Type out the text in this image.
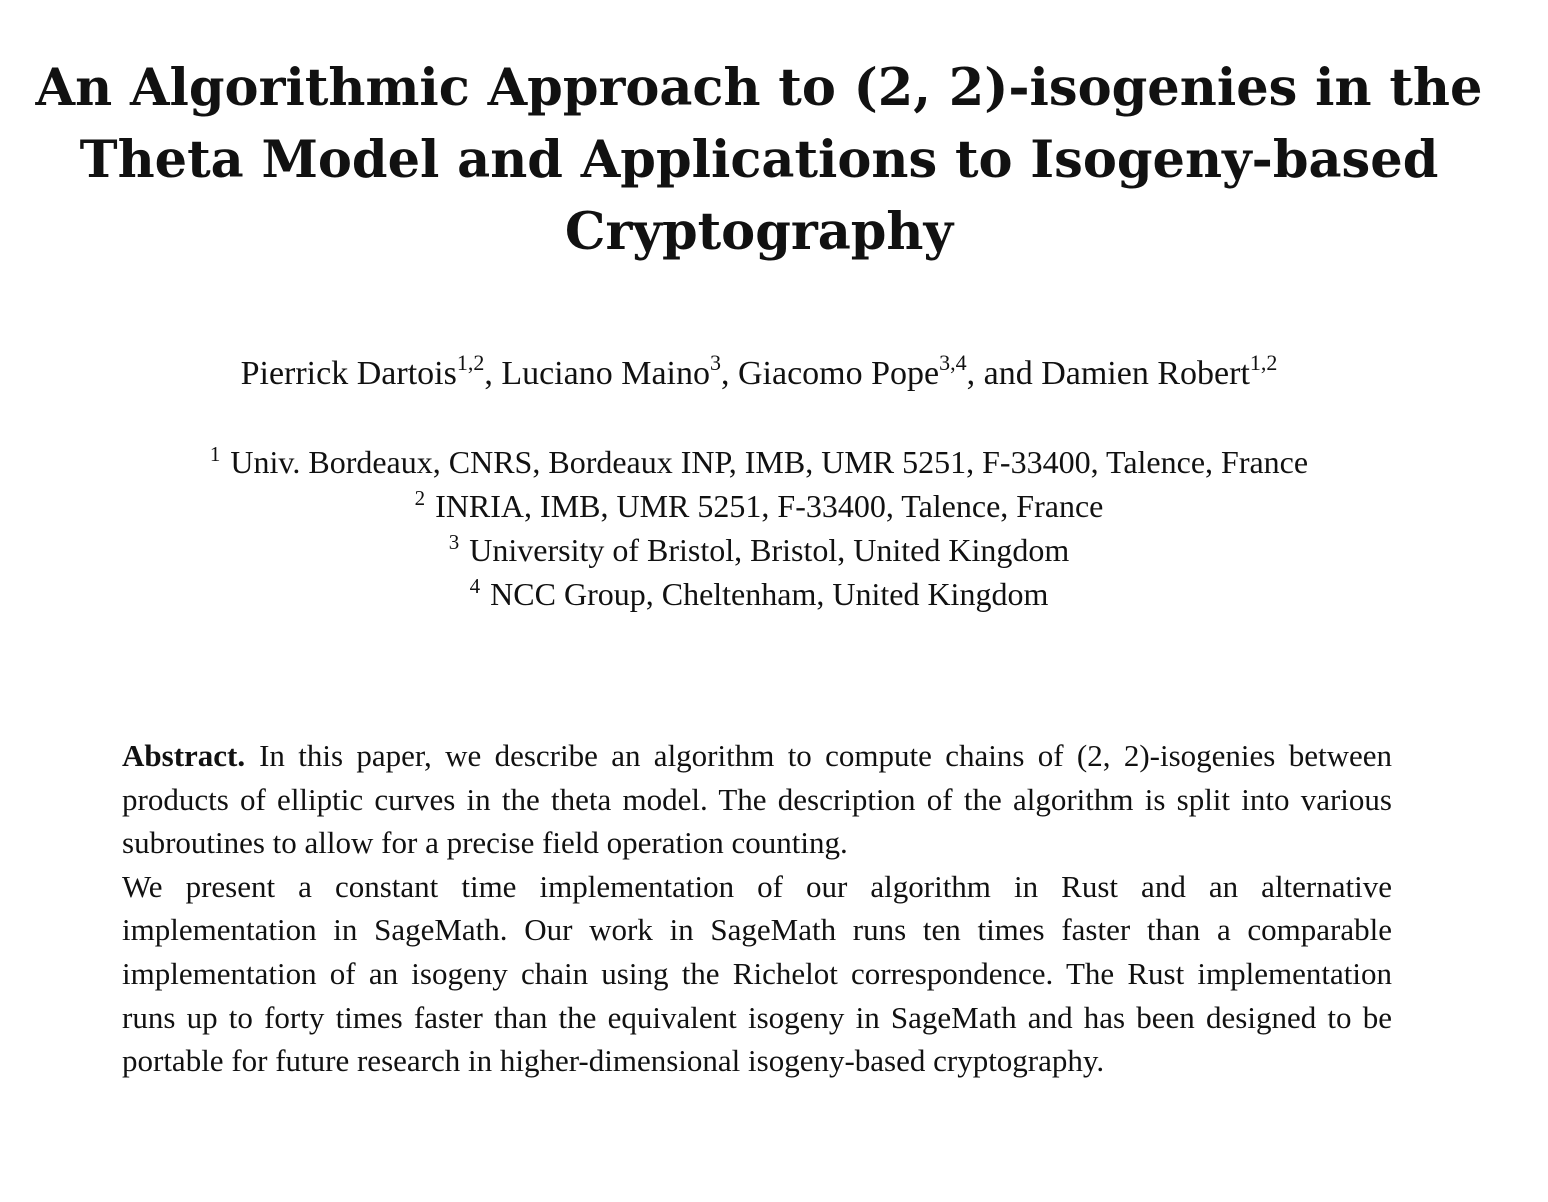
An Algorithmic Approach to (2, 2)-isogenies in the
Theta Model and Applications to Isogeny-based
Cryptography
Pierrick Dartois$^{1,2}$, Luciano Maino$^3$, Giacomo Pope$^{3,4}$, and Damien Robert$^{1,2}$
$^1$ Univ. Bordeaux, CNRS, Bordeaux INP, IMB, UMR 5251, F-33400, Talence, France
$^2$ INRIA, IMB, UMR 5251, F-33400, Talence, France
$^3$ University of Bristol, Bristol, United Kingdom
$^4$ NCC Group, Cheltenham, United Kingdom

Abstract. In this paper, we describe an algorithm to compute chains of (2, 2)-isogenies between products of elliptic curves in the theta model. The description of the algorithm is split into various subroutines to allow for a precise field operation counting.

We present a constant time implementation of our algorithm in Rust and an alternative implementation in SageMath. Our work in SageMath runs ten times faster than a comparable implementation of an isogeny chain using the Richelot correspondence. The Rust implementation runs up to forty times faster than the equivalent isogeny in SageMath and has been designed to be portable for future research in higher-dimensional isogeny-based cryptography.
